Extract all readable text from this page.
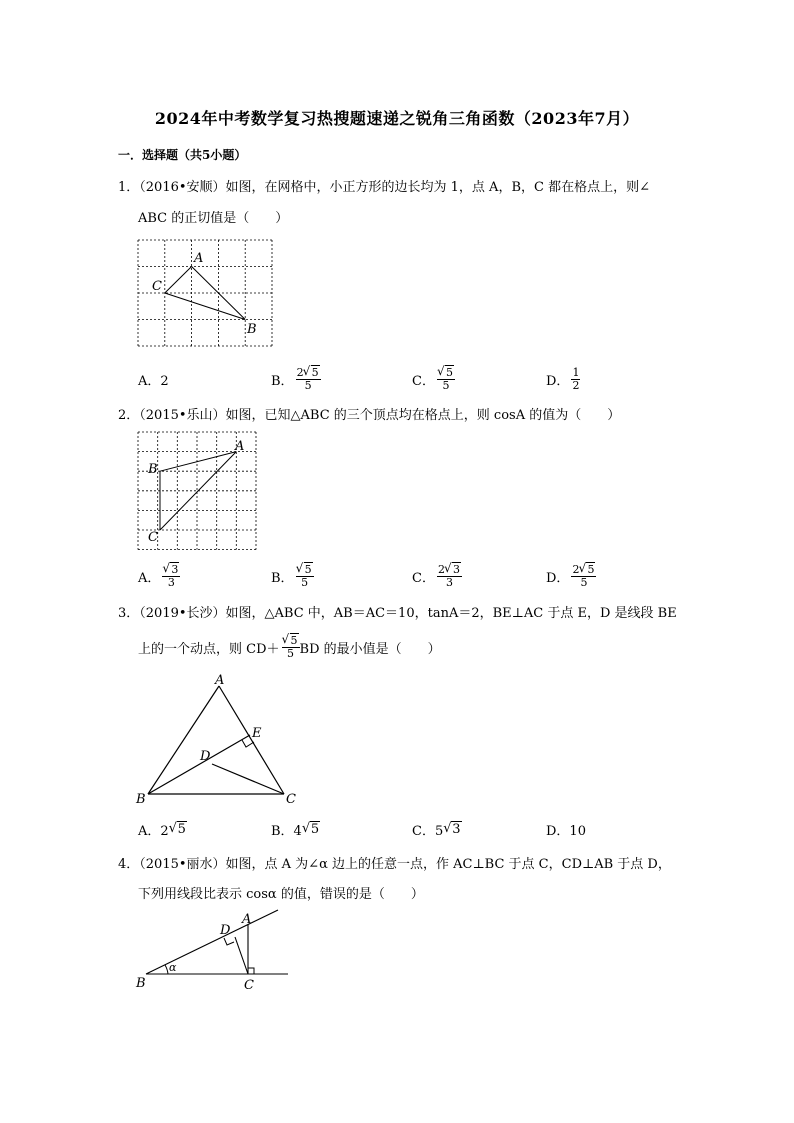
2024年中考数学复习热搜题速递之锐角三角函数（2023年7月）
一．选择题（共5小题）
1．（2016•安顺）如图，在网格中，小正方形的边长均为 1，点 A，B，C 都在格点上，则∠
ABC 的正切值是（　　）
A
C
B
A．2	B． $\frac{2 √ 5}{5}$	C． √ $\frac{5}{5}$	D． $\frac{1}{2}$
2．（2015•乐山）如图，已知△ABC 的三个顶点均在格点上，则 cosA 的值为（　　）
A
B
C
A． √ $\frac{3}{3}$	B． √ $\frac{5}{5}$	C． $\frac{2 √ 3}{3}$	D． $\frac{2 √ 5}{5}$
3．（2019•长沙）如图，△ABC 中，AB＝AC＝10，tanA＝2，BE⊥AC 于点 E，D 是线段 BE
上的一个动点，则 CD＋ √ $\frac{5}{5}$ BD 的最小值是（　　）
A
E
D
B	C
A．2 √ 5	B．4 √ 5	C．5 √ 3	D．10
4．（2015•丽水）如图，点 A 为∠α 边上的任意一点，作 AC⊥BC 于点 C，CD⊥AB 于点 D，
下列用线段比表示 cosα 的值，错误的是（　　）
A
D
α
B	C
